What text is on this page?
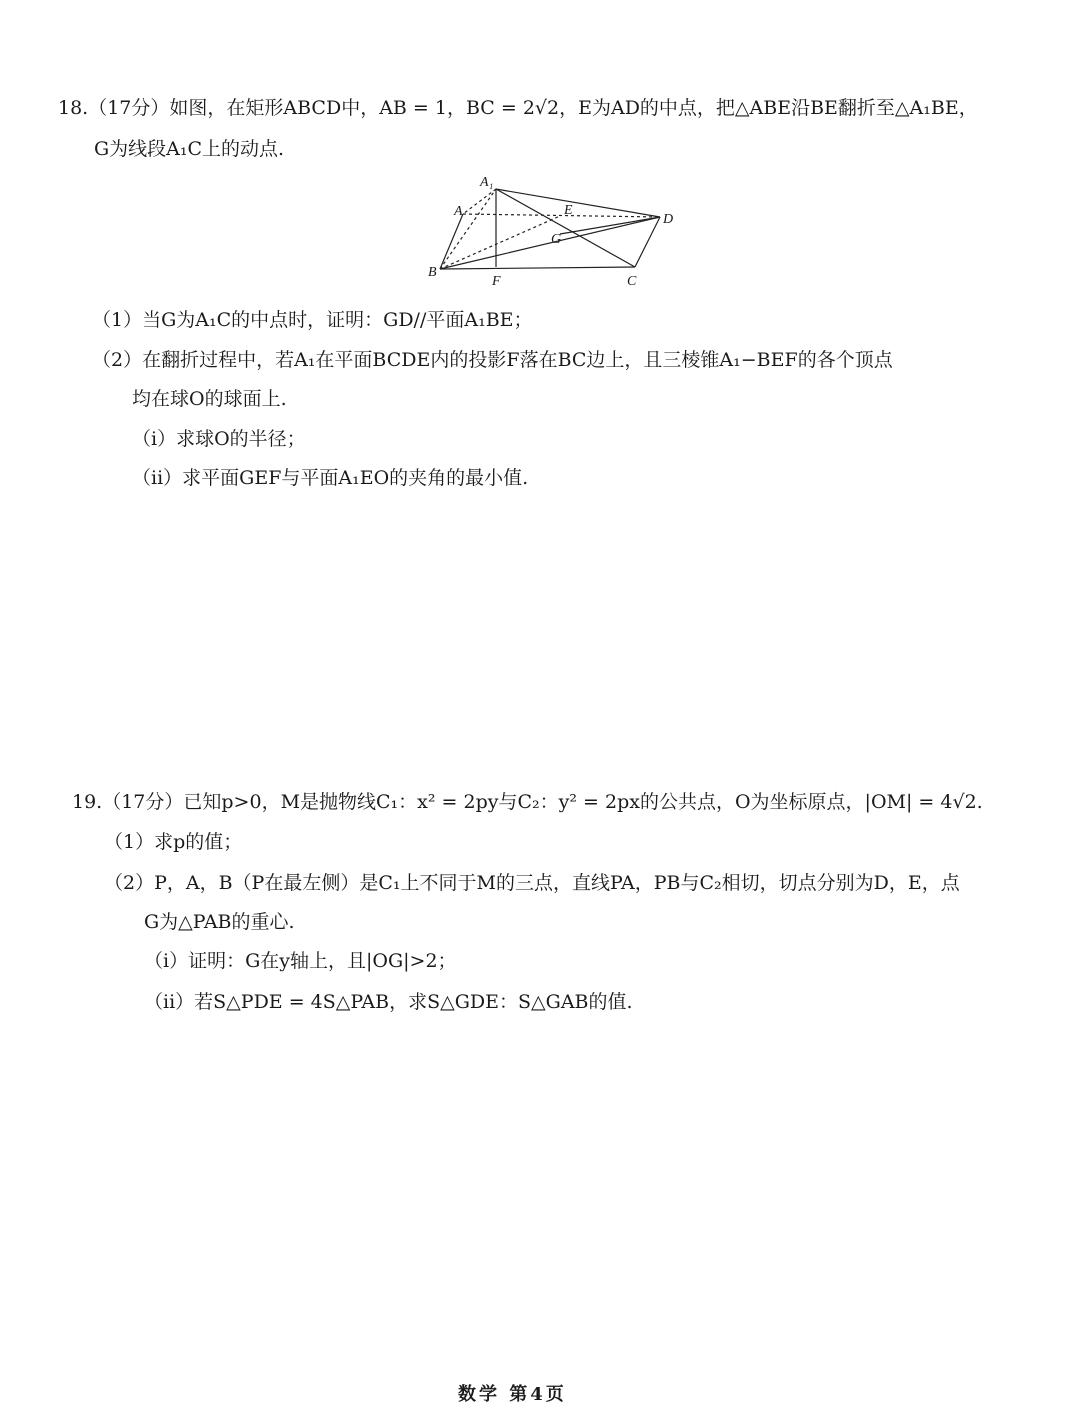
18.（17分）如图，在矩形ABCD中，AB = 1，BC = 2√2，E为AD的中点，把△ABE沿BE翻折至△A₁BE，
G为线段A₁C上的动点.
A₁
A	E
D
G
B
F	C
（1）当G为A₁C的中点时，证明：GD//平面A₁BE；
（2）在翻折过程中，若A₁在平面BCDE内的投影F落在BC边上，且三棱锥A₁−BEF的各个顶点
均在球O的球面上.
（i）求球O的半径；
（ii）求平面GEF与平面A₁EO的夹角的最小值.
19.（17分）已知p>0，M是抛物线C₁：x² = 2py与C₂：y² = 2px的公共点，O为坐标原点，|OM| = 4√2.
（1）求p的值；
（2）P，A，B（P在最左侧）是C₁上不同于M的三点，直线PA，PB与C₂相切，切点分别为D，E，点
G为△PAB的重心.
（i）证明：G在y轴上，且|OG|>2；
（ii）若S△PDE = 4S△PAB，求S△GDE：S△GAB的值.
数学 第4页
